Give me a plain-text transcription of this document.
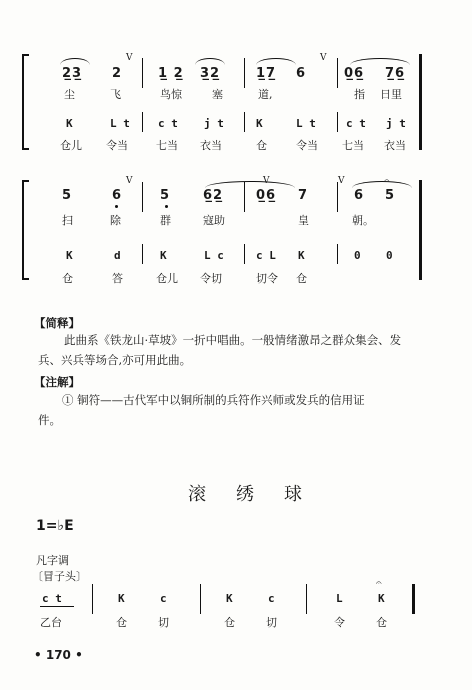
V	V
2̲3̲ 2	1̲ 2̲ 3̲2̲	1̲7̲ 6	0̲6̲ 7̲6̲
尘	飞	鸟惊	塞	道,	指 日里
K	L t	c t j t	K	L t	c t j t
仓儿 令当	七当 衣当	仓	令当 七当 衣当
V
V	V	𝄐
5	6	5	6̲2̲	0̲6̲ 7	6 5
扫	除	群	寇助	皇	朝。
K	d	K	L c	c L K	0 0
仓	答	仓儿 令切	切令 仓
【简释】
此曲系《铁龙山·草坡》一折中唱曲。一般情绪激昂之群众集会、发
兵、兴兵等场合,亦可用此曲。
【注解】
① 铜符——古代军中以铜所制的兵符作兴师或发兵的信用证
件。
滚绣球
1=♭E
凡字调
〔冒子头〕
𝄐
c t	K	c	K	c	L	K
乙台	仓	切	仓	切	令	仓
• 170 •
